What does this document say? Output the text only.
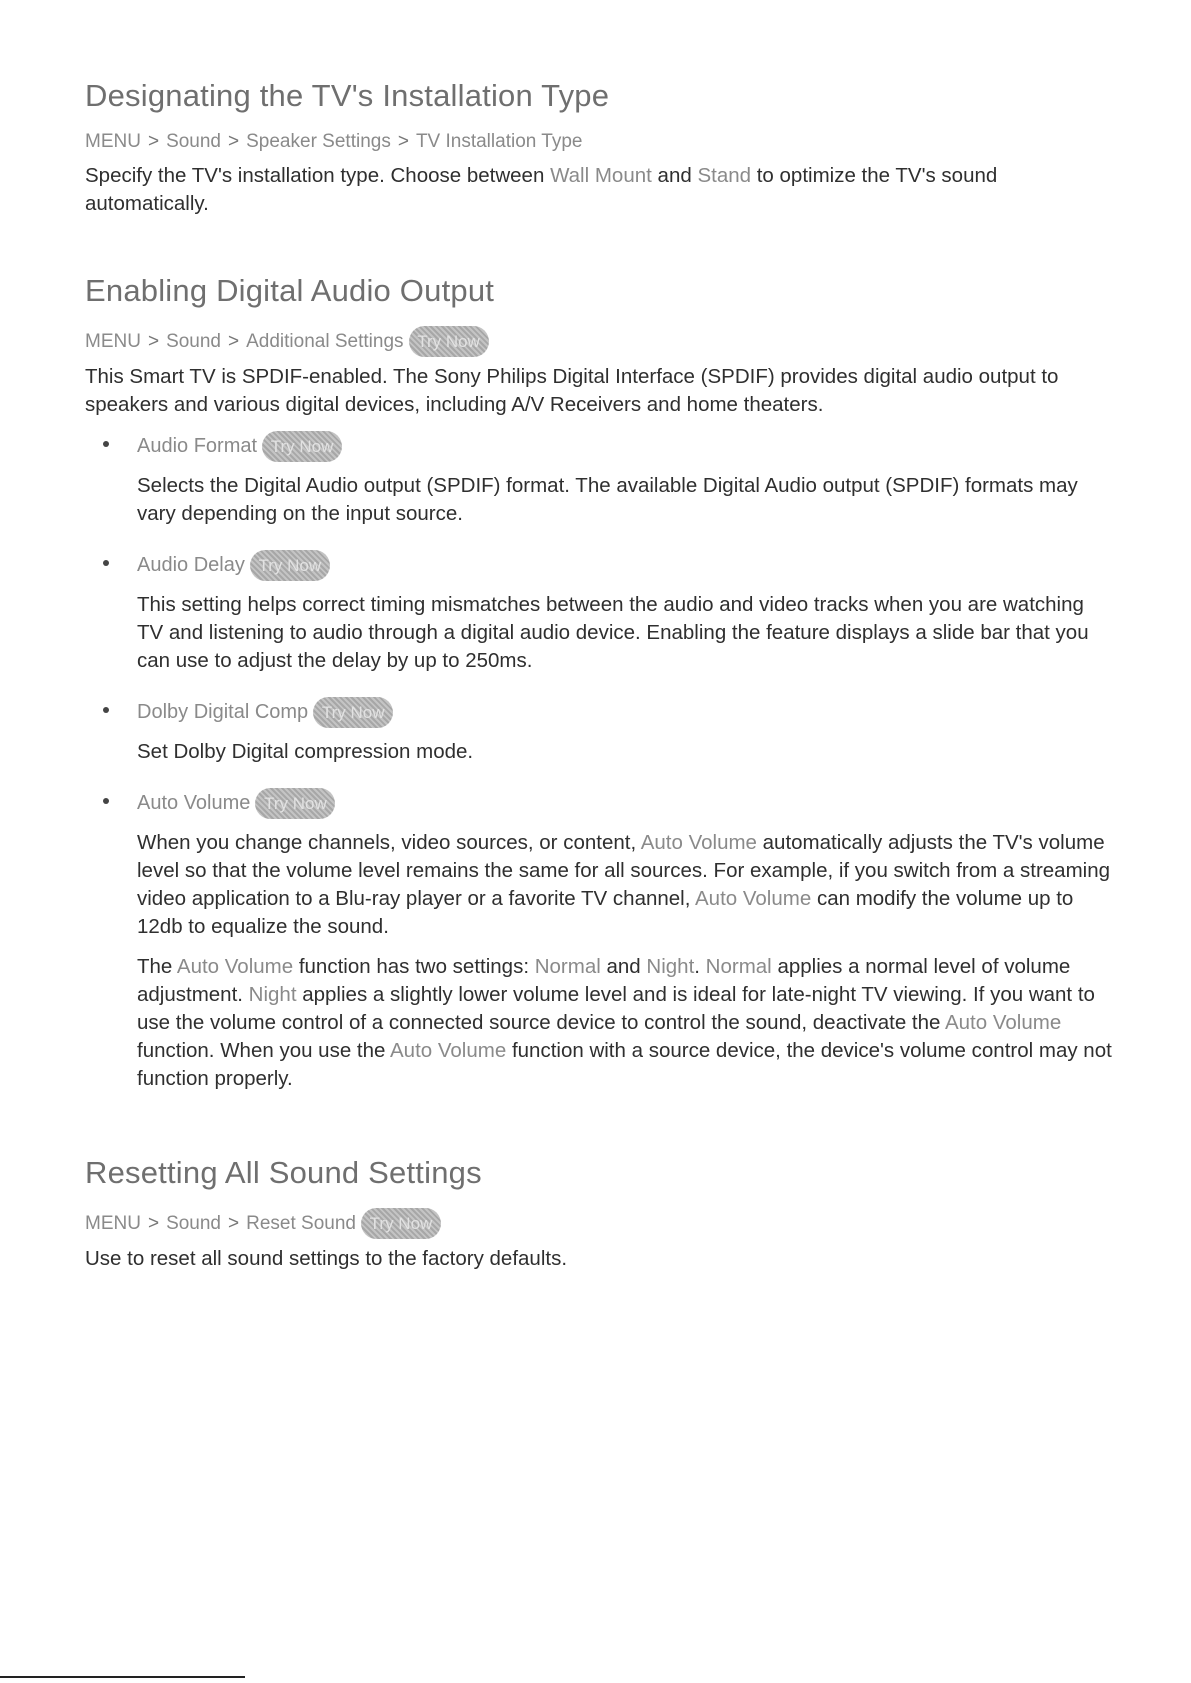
Designating the TV's Installation Type
MENU > Sound > Speaker Settings > TV Installation Type

Specify the TV's installation type. Choose between Wall Mount and Stand to optimize the TV's sound automatically.

Enabling Digital Audio Output
MENU > Sound > Additional Settings Try Now

This Smart TV is SPDIF-enabled. The Sony Philips Digital Interface (SPDIF) provides digital audio output to speakers and various digital devices, including A/V Receivers and home theaters.

Audio Format Try Now
Selects the Digital Audio output (SPDIF) format. The available Digital Audio output (SPDIF) formats may vary depending on the input source.
Audio Delay Try Now
This setting helps correct timing mismatches between the audio and video tracks when you are watching TV and listening to audio through a digital audio device. Enabling the feature displays a slide bar that you can use to adjust the delay by up to 250ms.
Dolby Digital Comp Try Now
Set Dolby Digital compression mode.
Auto Volume Try Now
When you change channels, video sources, or content, Auto Volume automatically adjusts the TV's volume level so that the volume level remains the same for all sources. For example, if you switch from a streaming video application to a Blu-ray player or a favorite TV channel, Auto Volume can modify the volume up to 12db to equalize the sound.
The Auto Volume function has two settings: Normal and Night. Normal applies a normal level of volume adjustment. Night applies a slightly lower volume level and is ideal for late-night TV viewing. If you want to use the volume control of a connected source device to control the sound, deactivate the Auto Volume function. When you use the Auto Volume function with a source device, the device's volume control may not function properly.
Resetting All Sound Settings
MENU > Sound > Reset Sound Try Now

Use to reset all sound settings to the factory defaults.
